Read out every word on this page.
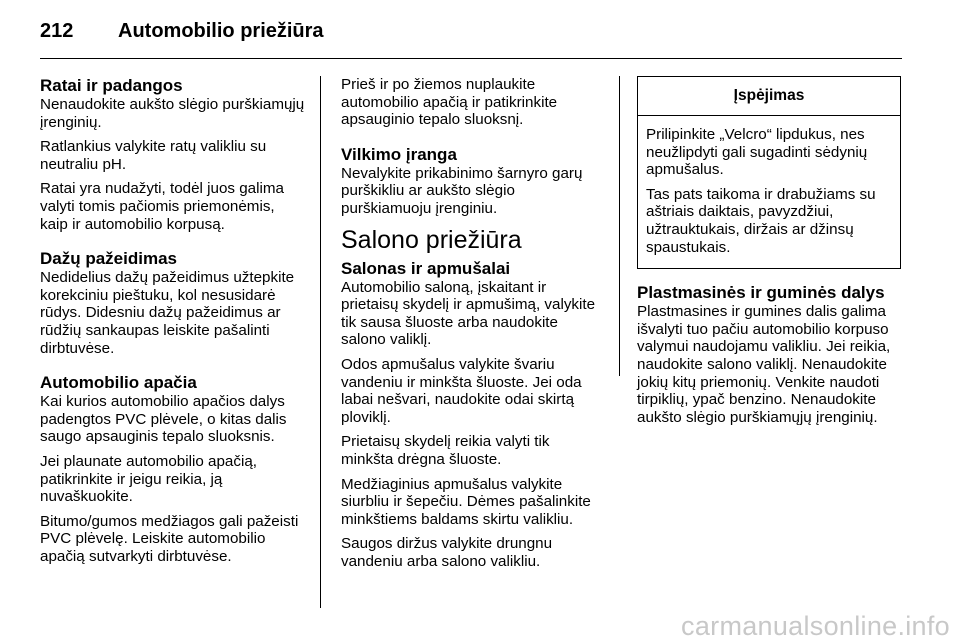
212 Automobilio priežiūra
Ratai ir padangos

Nenaudokite aukšto slėgio purškiamųjų įrenginių.

Ratlankius valykite ratų valikliu su neutraliu pH.

Ratai yra nudažyti, todėl juos galima valyti tomis pačiomis priemonėmis, kaip ir automobilio korpusą.

Dažų pažeidimas

Nedidelius dažų pažeidimus užtepkite korekciniu pieštuku, kol nesusidarė rūdys. Didesniu dažų pažeidimus ar rūdžių sankaupas leiskite pašalinti dirbtuvėse.

Automobilio apačia

Kai kurios automobilio apačios dalys padengtos PVC plėvele, o kitas dalis saugo apsauginis tepalo sluoksnis.

Jei plaunate automobilio apačią, patikrinkite ir jeigu reikia, ją nuvaškuokite.

Bitumo/gumos medžiagos gali pažeisti PVC plėvelę. Leiskite automobilio apačią sutvarkyti dirbtuvėse.

Prieš ir po žiemos nuplaukite automobilio apačią ir patikrinkite apsauginio tepalo sluoksnį.

Vilkimo įranga

Nevalykite prikabinimo šarnyro garų purškikliu ar aukšto slėgio purškiamuoju įrenginiu.

Salono priežiūra
Salonas ir apmušalai

Automobilio saloną, įskaitant ir prietaisų skydelį ir apmušimą, valykite tik sausa šluoste arba naudokite salono valiklį.

Odos apmušalus valykite švariu vandeniu ir minkšta šluoste. Jei oda labai nešvari, naudokite odai skirtą ploviklį.

Prietaisų skydelį reikia valyti tik minkšta drėgna šluoste.

Medžiaginius apmušalus valykite siurbliu ir šepečiu. Dėmes pašalinkite minkštiems baldams skirtu valikliu.

Saugos diržus valykite drungnu vandeniu arba salono valikliu.

Įspėjimas

Prilipinkite „Velcro“ lipdukus, nes neužlipdyti gali sugadinti sėdynių apmušalus.

Tas pats taikoma ir drabužiams su aštriais daiktais, pavyzdžiui, užtrauktukais, diržais ar džinsų spaustukais.

Plastmasinės ir guminės dalys

Plastmasines ir gumines dalis galima išvalyti tuo pačiu automobilio korpuso valymui naudojamu valikliu. Jei reikia, naudokite salono valiklį. Nenaudokite jokių kitų priemonių. Venkite naudoti tirpiklių, ypač benzino. Nenaudokite aukšto slėgio purškiamųjų įrenginių.

carmanualsonline.info
